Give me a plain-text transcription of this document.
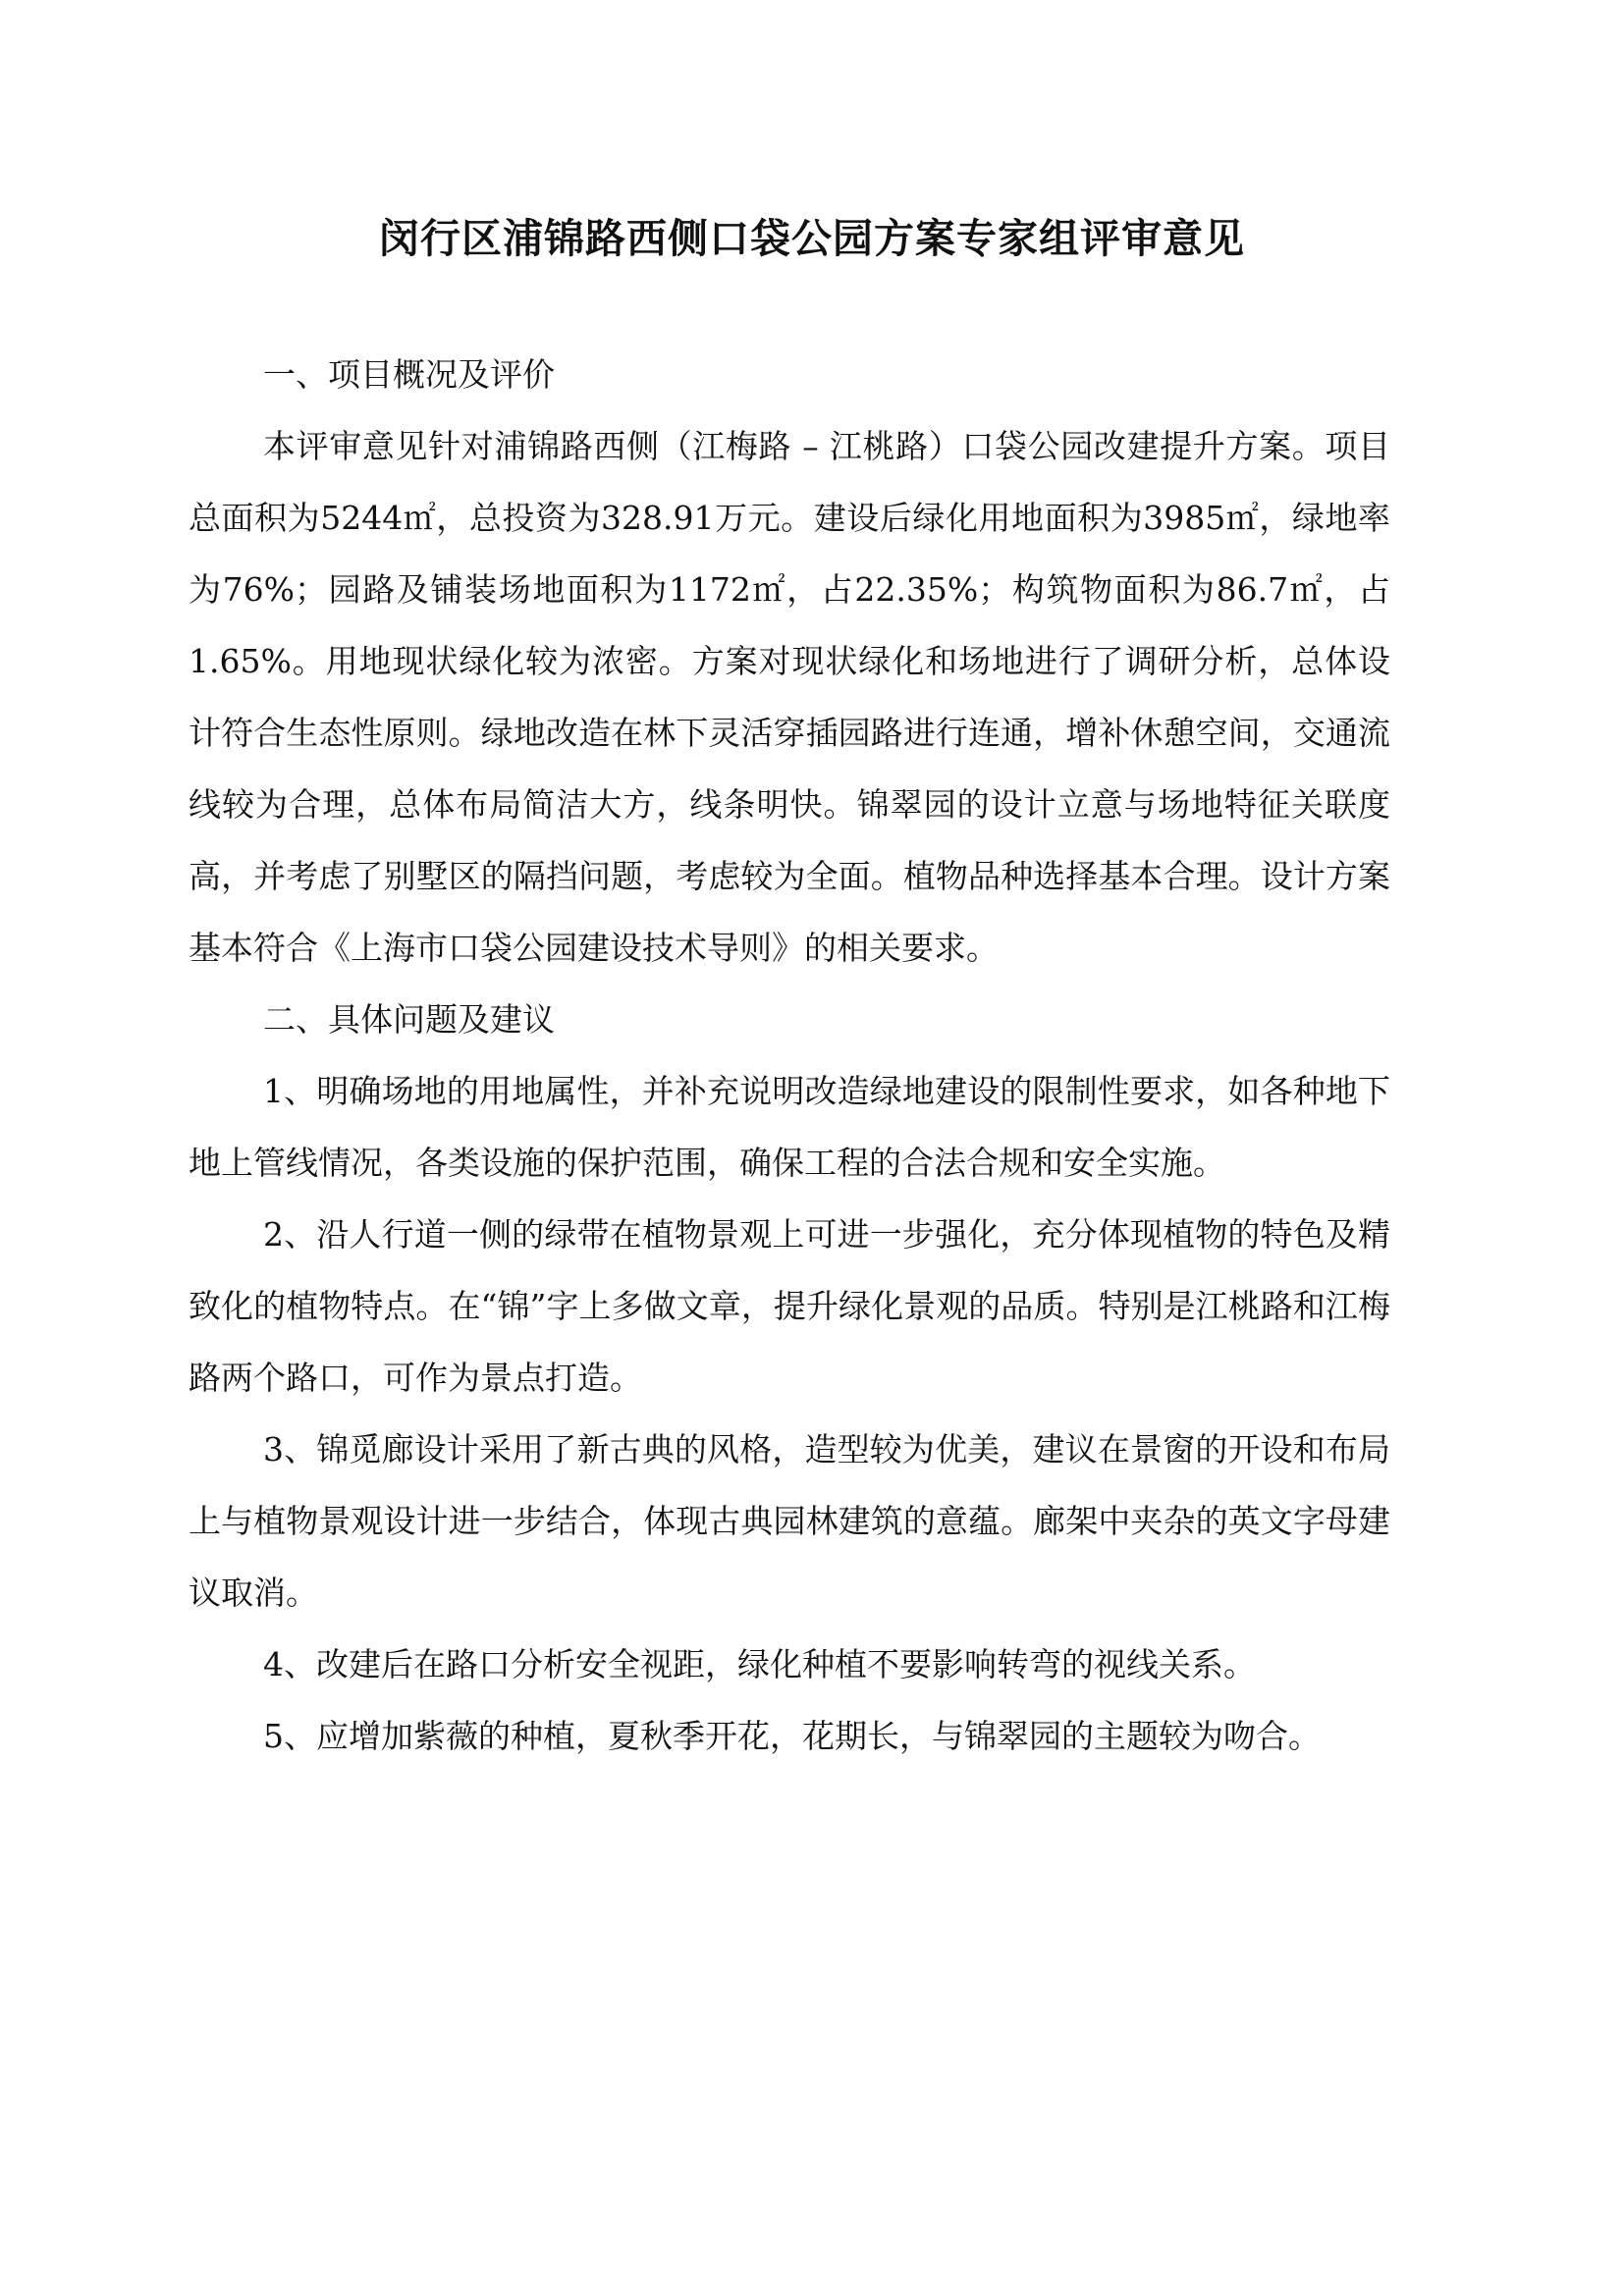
闵行区浦锦路西侧口袋公园方案专家组评审意见

一、项目概况及评价

本评审意见针对浦锦路西侧（江梅路 – 江桃路）口袋公园改建提升方案。项目总面积为5244㎡，总投资为328.91万元。建设后绿化用地面积为3985㎡，绿地率为76%；园路及铺装场地面积为1172㎡，占22.35%；构筑物面积为86.7㎡，占1.65%。用地现状绿化较为浓密。方案对现状绿化和场地进行了调研分析，总体设计符合生态性原则。绿地改造在林下灵活穿插园路进行连通，增补休憩空间，交通流线较为合理，总体布局简洁大方，线条明快。锦翠园的设计立意与场地特征关联度高，并考虑了别墅区的隔挡问题，考虑较为全面。植物品种选择基本合理。设计方案基本符合《上海市口袋公园建设技术导则》的相关要求。

二、具体问题及建议

1、明确场地的用地属性，并补充说明改造绿地建设的限制性要求，如各种地下地上管线情况，各类设施的保护范围，确保工程的合法合规和安全实施。

2、沿人行道一侧的绿带在植物景观上可进一步强化，充分体现植物的特色及精致化的植物特点。在“锦”字上多做文章，提升绿化景观的品质。特别是江桃路和江梅路两个路口，可作为景点打造。

3、锦觅廊设计采用了新古典的风格，造型较为优美，建议在景窗的开设和布局上与植物景观设计进一步结合，体现古典园林建筑的意蕴。廊架中夹杂的英文字母建议取消。

4、改建后在路口分析安全视距，绿化种植不要影响转弯的视线关系。

5、应增加紫薇的种植，夏秋季开花，花期长，与锦翠园的主题较为吻合。
